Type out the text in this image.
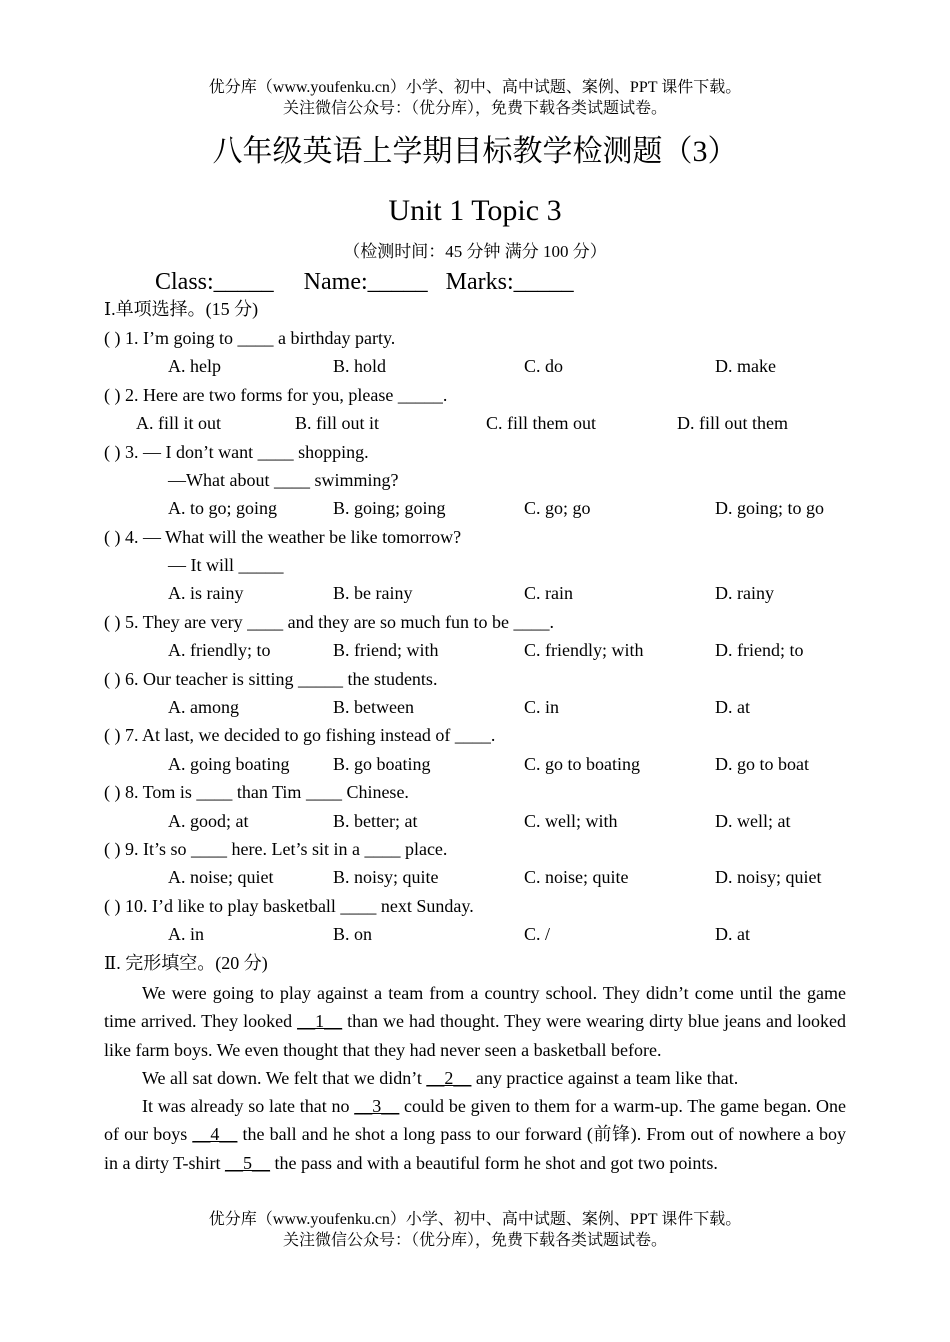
优分库（www.youfenku.cn）小学、初中、高中试题、案例、PPT 课件下载。
关注微信公众号：（优分库），免费下载各类试题试卷。
八年级英语上学期目标教学检测题（3）
Unit 1 Topic 3
（检测时间：45 分钟 满分 100 分）
Class:_____     Name:_____   Marks:_____
Ⅰ.单项选择。(15 分)
( ) 1. I’m going to ____ a birthday party.
A. help	B. hold	C. do	D. make
( ) 2. Here are two forms for you, please _____.
A. fill it out	B. fill out it	C. fill them out	D. fill out them
( ) 3. — I don’t want ____ shopping.
—What about ____ swimming?
A. to go; going	B. going; going	C. go; go	D. going; to go
( ) 4. — What will the weather be like tomorrow?
— It will _____
A. is rainy	B. be rainy	C. rain	D. rainy
( ) 5. They are very ____ and they are so much fun to be ____.
A. friendly; to	B. friend; with	C. friendly; with	D. friend; to
( ) 6. Our teacher is sitting _____ the students.
A. among	B. between	C. in	D. at
( ) 7. At last, we decided to go fishing instead of ____.
A. going boating B. go boating	C. go to boating	D. go to boat
( ) 8. Tom is ____ than Tim ____ Chinese.
A. good; at	B. better; at	C. well; with	D. well; at
( ) 9. It’s so ____ here. Let’s sit in a ____ place.
A. noise; quiet	B. noisy; quite	C. noise; quite	D. noisy; quiet
( ) 10. I’d like to play basketball ____ next Sunday.
A. in	B. on	C. /	D. at
Ⅱ. 完形填空。(20 分)
We were going to play against a team from a country school. They didn’t come until the game time arrived. They looked __1__ than we had thought. They were wearing dirty blue jeans and looked like farm boys. We even thought that they had never seen a basketball before.
We all sat down. We felt that we didn’t __2__ any practice against a team like that.
It was already so late that no __3__ could be given to them for a warm-up. The game began. One of our boys __4__ the ball and he shot a long pass to our forward (前锋). From out of nowhere a boy in a dirty T-shirt __5__ the pass and with a beautiful form he shot and got two points.
优分库（www.youfenku.cn）小学、初中、高中试题、案例、PPT 课件下载。
关注微信公众号：（优分库），免费下载各类试题试卷。
